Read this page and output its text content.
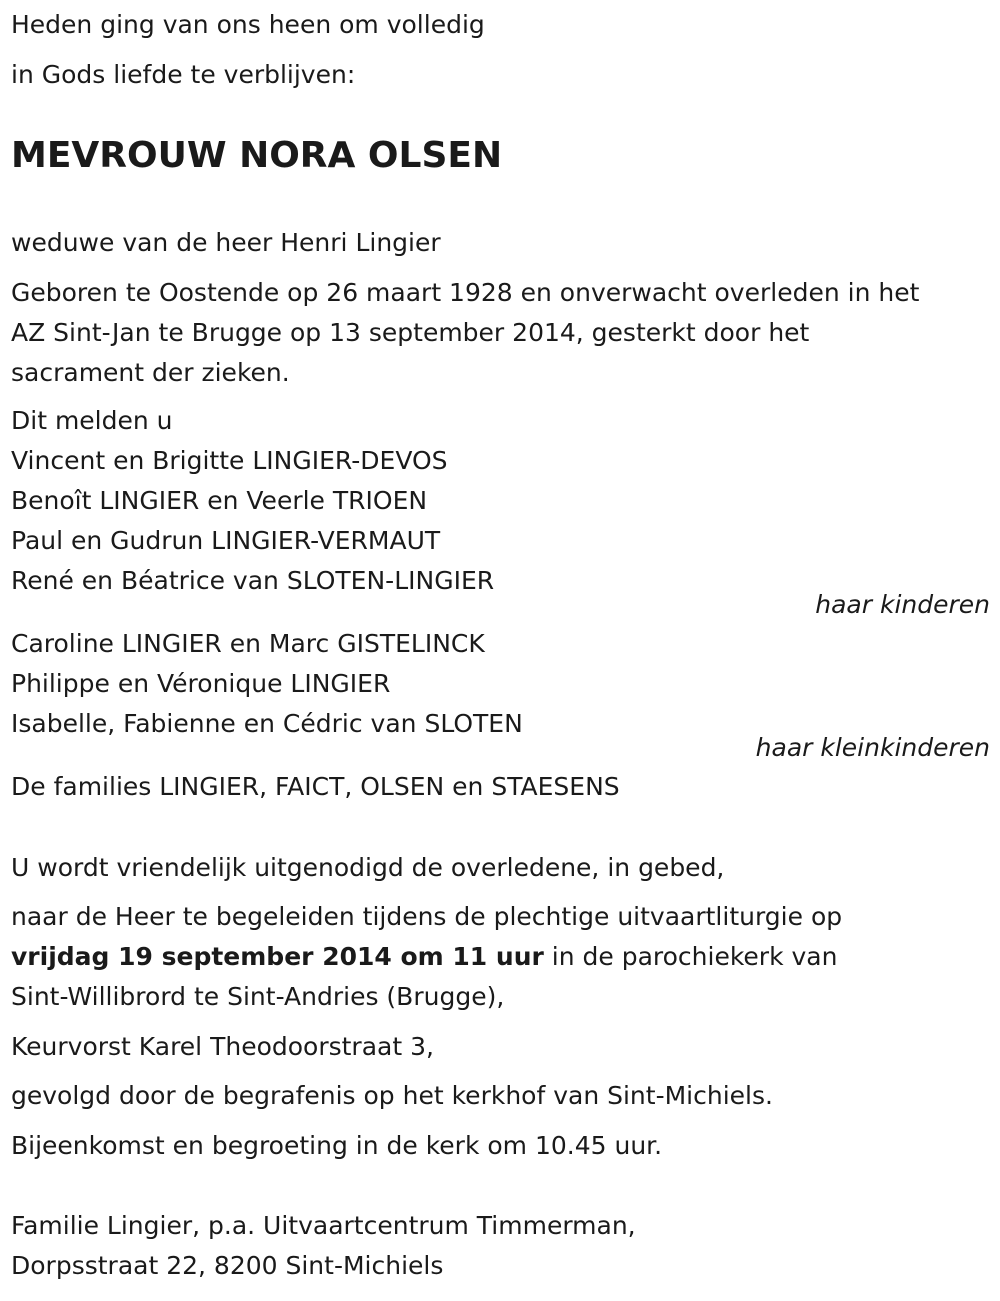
Heden ging van ons heen om volledig
in Gods liefde te verblijven:
MEVROUW NORA OLSEN
weduwe van de heer Henri Lingier
Geboren te Oostende op 26 maart 1928 en onverwacht overleden in het
AZ Sint-Jan te Brugge op 13 september 2014, gesterkt door het
sacrament der zieken.
Dit melden u
Vincent en Brigitte LINGIER-DEVOS
Benoît LINGIER en Veerle TRIOEN
Paul en Gudrun LINGIER-VERMAUT
René en Béatrice van SLOTEN-LINGIER
haar kinderen
Caroline LINGIER en Marc GISTELINCK
Philippe en Véronique LINGIER
Isabelle, Fabienne en Cédric van SLOTEN
haar kleinkinderen
De families LINGIER, FAICT, OLSEN en STAESENS
U wordt vriendelijk uitgenodigd de overledene, in gebed,
naar de Heer te begeleiden tijdens de plechtige uitvaartliturgie op
vrijdag 19 september 2014 om 11 uur in de parochiekerk van
Sint-Willibrord te Sint-Andries (Brugge),
Keurvorst Karel Theodoorstraat 3,
gevolgd door de begrafenis op het kerkhof van Sint-Michiels.
Bijeenkomst en begroeting in de kerk om 10.45 uur.
Familie Lingier, p.a. Uitvaartcentrum Timmerman,
Dorpsstraat 22, 8200 Sint-Michiels
